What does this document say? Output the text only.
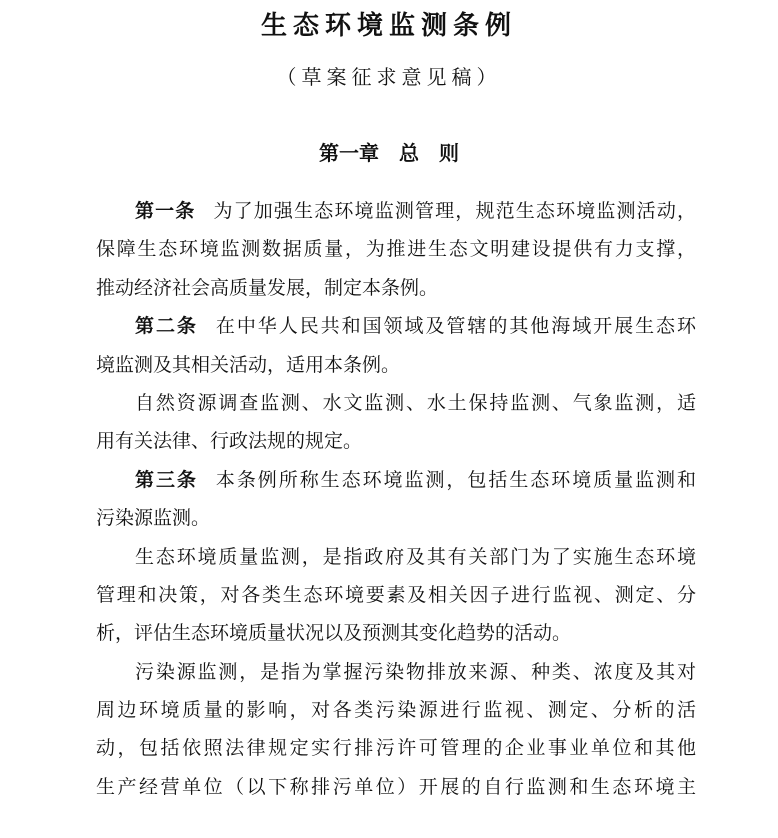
生态环境监测条例
（草案征求意见稿）
第一章　总　则
第一条 为了加强生态环境监测管理，规范生态环境监测活动，
保障生态环境监测数据质量，为推进生态文明建设提供有力支撑，
推动经济社会高质量发展，制定本条例。
第二条 在中华人民共和国领域及管辖的其他海域开展生态环
境监测及其相关活动，适用本条例。
自然资源调查监测、水文监测、水土保持监测、气象监测，适
用有关法律、行政法规的规定。
第三条 本条例所称生态环境监测，包括生态环境质量监测和
污染源监测。
生态环境质量监测，是指政府及其有关部门为了实施生态环境
管理和决策，对各类生态环境要素及相关因子进行监视、测定、分
析，评估生态环境质量状况以及预测其变化趋势的活动。
污染源监测，是指为掌握污染物排放来源、种类、浓度及其对
周边环境质量的影响，对各类污染源进行监视、测定、分析的活
动，包括依照法律规定实行排污许可管理的企业事业单位和其他
生产经营单位（以下称排污单位）开展的自行监测和生态环境主
